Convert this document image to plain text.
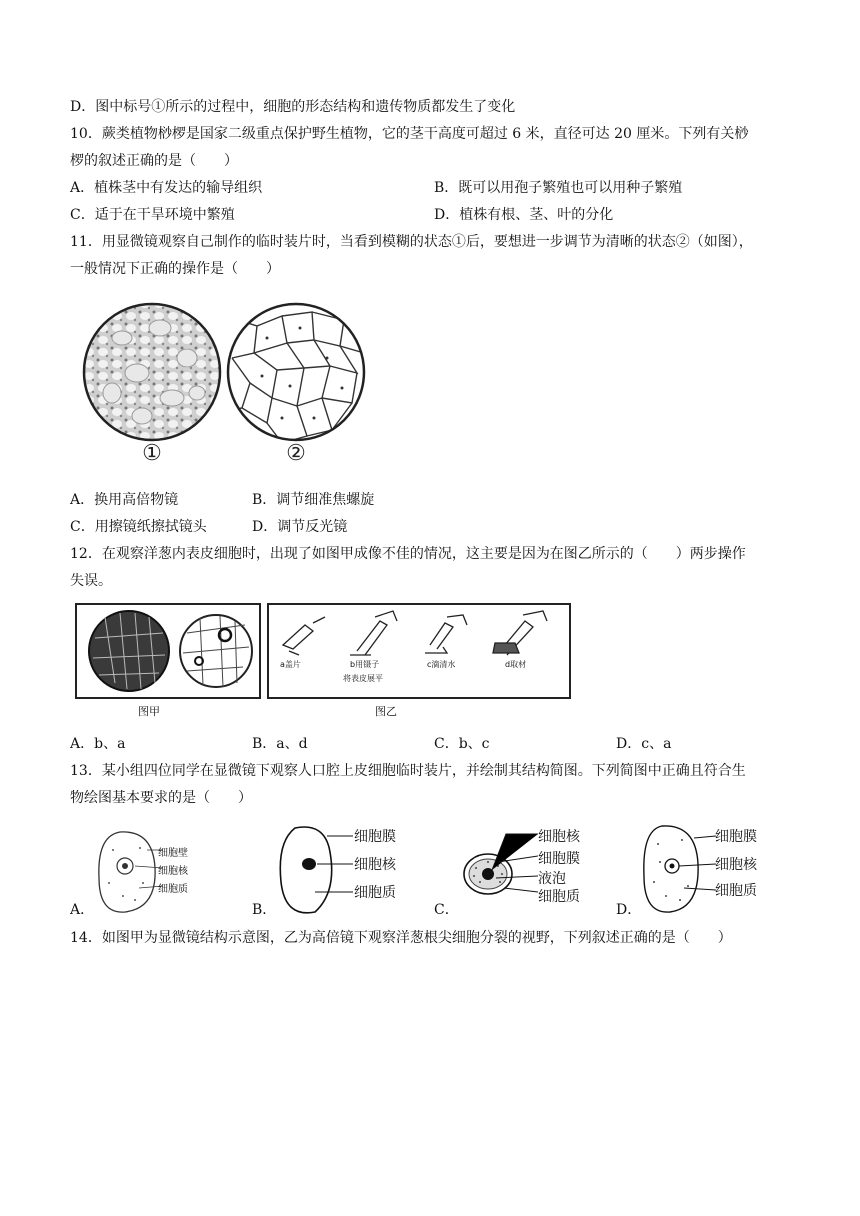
D．图中标号①所示的过程中，细胞的形态结构和遗传物质都发生了变化
10．蕨类植物桫椤是国家二级重点保护野生植物，它的茎干高度可超过 6 米，直径可达 20 厘米。下列有关桫
椤的叙述正确的是（　　）
A．植株茎中有发达的输导组织	B．既可以用孢子繁殖也可以用种子繁殖
C．适于在干旱环境中繁殖	D．植株有根、茎、叶的分化
11．用显微镜观察自己制作的临时装片时，当看到模糊的状态①后，要想进一步调节为清晰的状态②（如图），
一般情况下正确的操作是（　　）
①	②
A．换用高倍物镜	B．调节细准焦螺旋
C．用擦镜纸擦拭镜头	D．调节反光镜
12．在观察洋葱内表皮细胞时，出现了如图甲成像不佳的情况，这主要是因为在图乙所示的（　　）两步操作
失误。
a盖片	b用镊子
将表皮展平
c滴清水	d取材
图甲	图乙
A．b、a	B．a、d	C．b、c	D．c、a
13．某小组四位同学在显微镜下观察人口腔上皮细胞临时装片，并绘制其结构简图。下列简图中正确且符合生
物绘图基本要求的是（　　）
A．
细胞壁
细胞核
细胞质
B．
细胞膜
细胞核
细胞质
C．
细胞核
细胞膜
液泡
细胞质
D．
细胞膜
细胞核
细胞质
14．如图甲为显微镜结构示意图，乙为高倍镜下观察洋葱根尖细胞分裂的视野，下列叙述正确的是（　　）
